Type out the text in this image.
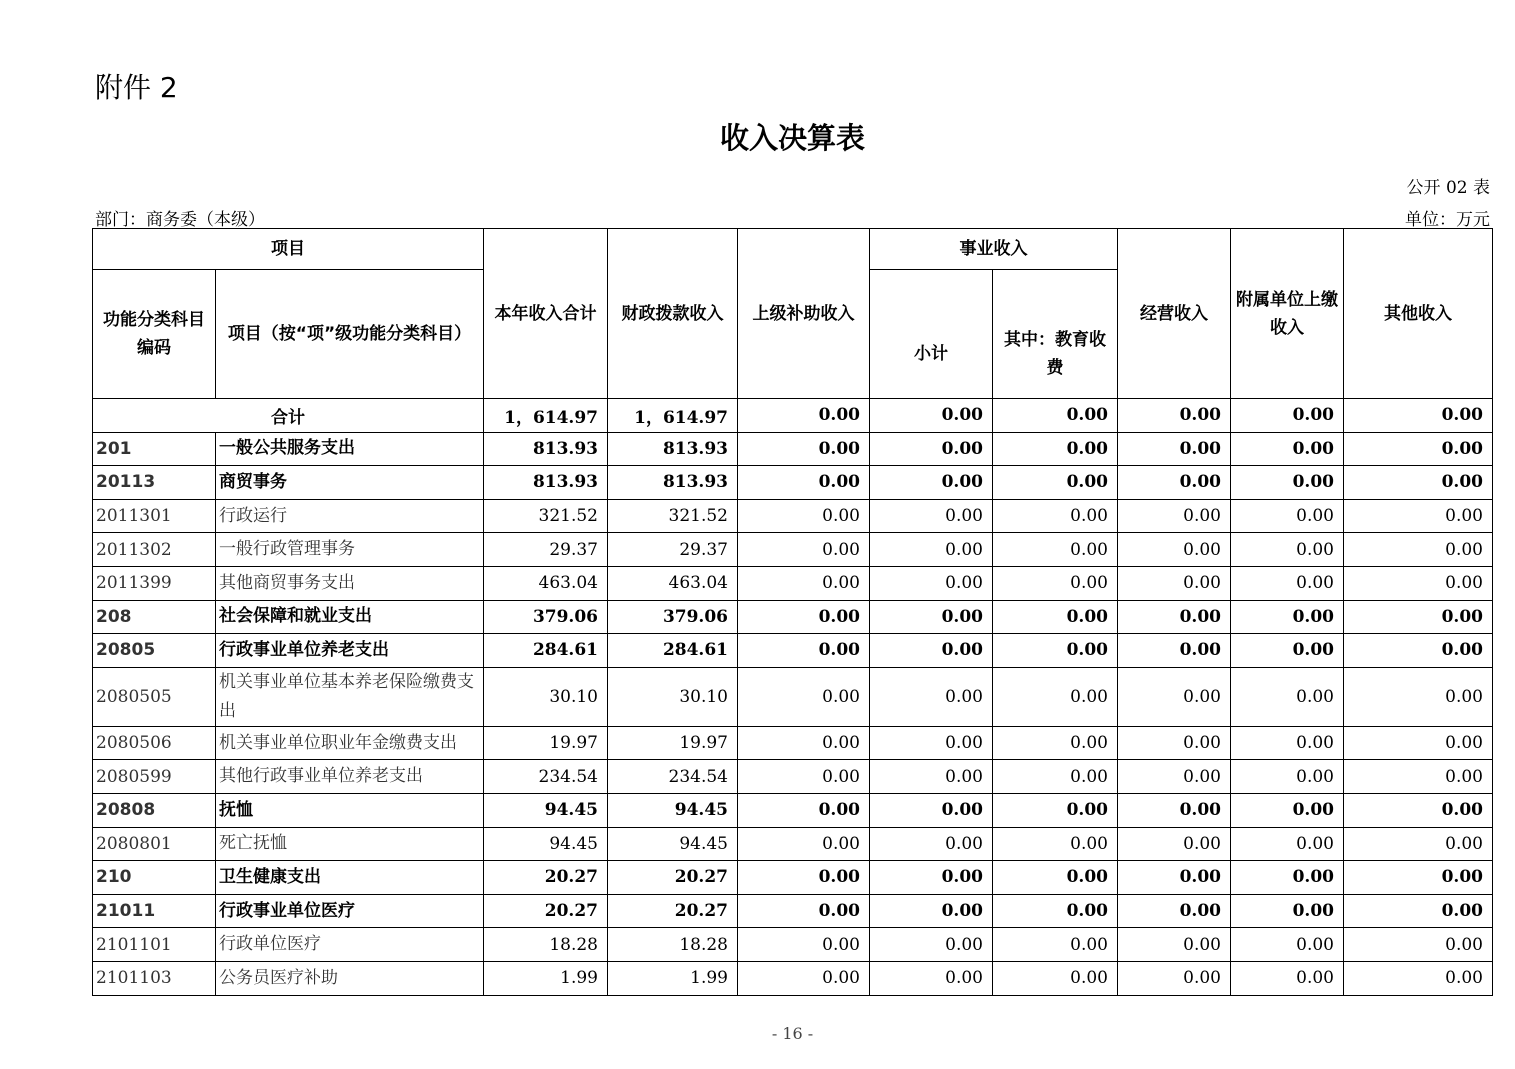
附件 2
收入决算表
公开 02 表
部门：商务委（本级）	单位：万元
项目		本年收入合计	财政拨款收入	上级补助收入	事业收入		经营收入	附属单位上缴收入	其他收入
功能分类科目编码	项目（按“项”级功能分类科目）				小计	其中：教育收费			
合计		1，614.97	1，614.97	0.00	0.00	0.00	0.00	0.00	0.00
201	一般公共服务支出	813.93	813.93	0.00	0.00	0.00	0.00	0.00	0.00
20113	商贸事务	813.93	813.93	0.00	0.00	0.00	0.00	0.00	0.00
2011301	行政运行	321.52	321.52	0.00	0.00	0.00	0.00	0.00	0.00
2011302	一般行政管理事务	29.37	29.37	0.00	0.00	0.00	0.00	0.00	0.00
2011399	其他商贸事务支出	463.04	463.04	0.00	0.00	0.00	0.00	0.00	0.00
208	社会保障和就业支出	379.06	379.06	0.00	0.00	0.00	0.00	0.00	0.00
20805	行政事业单位养老支出	284.61	284.61	0.00	0.00	0.00	0.00	0.00	0.00
2080505	机关事业单位基本养老保险缴费支出	30.10	30.10	0.00	0.00	0.00	0.00	0.00	0.00
2080506	机关事业单位职业年金缴费支出	19.97	19.97	0.00	0.00	0.00	0.00	0.00	0.00
2080599	其他行政事业单位养老支出	234.54	234.54	0.00	0.00	0.00	0.00	0.00	0.00
20808	抚恤	94.45	94.45	0.00	0.00	0.00	0.00	0.00	0.00
2080801	死亡抚恤	94.45	94.45	0.00	0.00	0.00	0.00	0.00	0.00
210	卫生健康支出	20.27	20.27	0.00	0.00	0.00	0.00	0.00	0.00
21011	行政事业单位医疗	20.27	20.27	0.00	0.00	0.00	0.00	0.00	0.00
2101101	行政单位医疗	18.28	18.28	0.00	0.00	0.00	0.00	0.00	0.00
2101103	公务员医疗补助	1.99	1.99	0.00	0.00	0.00	0.00	0.00	0.00
- 16 -
